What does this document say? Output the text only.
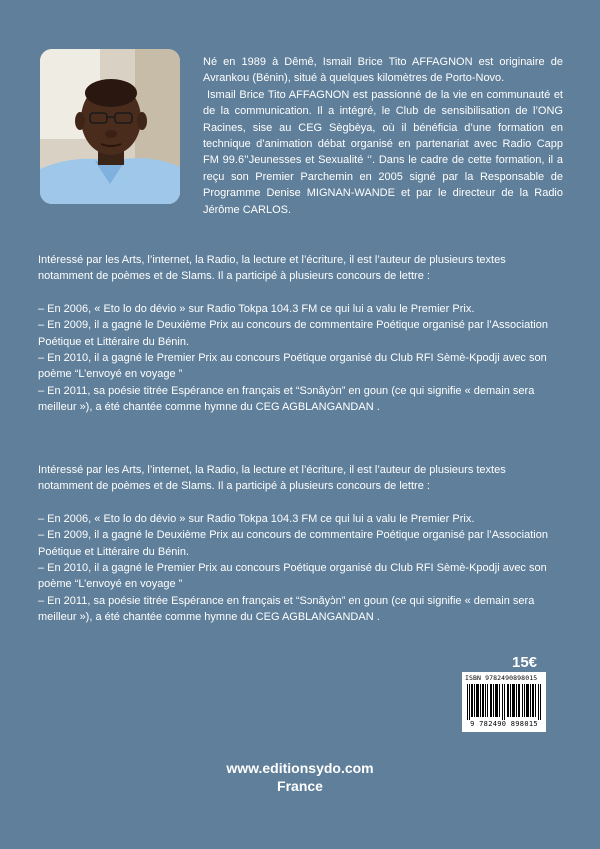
Né en 1989 à Dêmê, Ismail Brice Tito AFFAGNON est originaire de Avrankou (Bénin), situé à quelques kilomètres de Porto-Novo.

Ismail Brice Tito AFFAGNON est passionné de la vie en communauté et de la communication. Il a intégré, le Club de sensibilisation de l’ONG Racines, sise au CEG Sègbèya, où il bénéficia d’une formation en technique d’animation débat organisé en partenariat avec Radio Capp FM 99.6’’Jeunesses et Sexualité ‘’. Dans le cadre de cette formation, il a reçu son Premier Parchemin en 2005 signé par la Responsable de Programme Denise MIGNAN-WANDE et par le directeur de la Radio Jérôme CARLOS.

Intéressé par les Arts, l’internet, la Radio, la lecture et l’écriture, il est l’auteur de plusieurs textes notamment de poèmes et de Slams. Il a participé à plusieurs concours de lettre :

– En 2006, « Eto lo do dévio » sur Radio Tokpa 104.3 FM ce qui lui a valu le Premier Prix.

– En 2009, il a gagné le Deuxième Prix au concours de commentaire Poétique organisé par l’Association Poétique et Littéraire du Bénin.

– En 2010, il a gagné le Premier Prix au concours Poétique organisé du Club RFI Sèmè-Kpodji avec son poème “L’envoyé en voyage ”

– En 2011, sa poésie titrée Espérance en français et “Sɔnǎyɔ̀n” en goun (ce qui signifie « demain sera meilleur »), a été chantée comme hymne du CEG AGBLANGANDAN .

Intéressé par les Arts, l’internet, la Radio, la lecture et l’écriture, il est l’auteur de plusieurs textes notamment de poèmes et de Slams. Il a participé à plusieurs concours de lettre :

– En 2006, « Eto lo do dévio » sur Radio Tokpa 104.3 FM ce qui lui a valu le Premier Prix.

– En 2009, il a gagné le Deuxième Prix au concours de commentaire Poétique organisé par l’Association Poétique et Littéraire du Bénin.

– En 2010, il a gagné le Premier Prix au concours Poétique organisé du Club RFI Sèmè-Kpodji avec son poème “L’envoyé en voyage ”

– En 2011, sa poésie titrée Espérance en français et “Sɔnǎyɔ̀n” en goun (ce qui signifie « demain sera meilleur »), a été chantée comme hymne du CEG AGBLANGANDAN .

15€
ISBN 9782490898015
9 782490 898015
www.editionsydo.com
France
